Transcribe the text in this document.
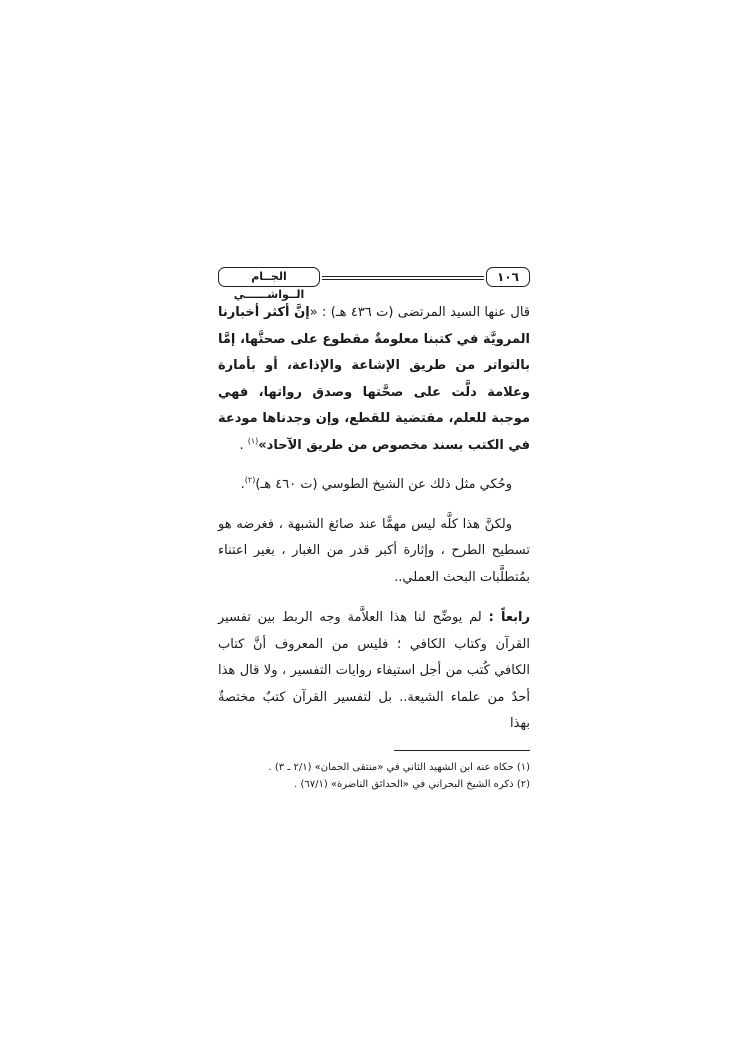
الجــام الــواشــــــي
١٠٦

قال عنها السيد المرتضى (ت ٤٣٦ هـ) : «إنَّ أكثر أخبارنا المرويَّة في كتبنا معلومةٌ مقطوع على صحتَّها، إمَّا بالتواتر من طريق الإشاعة والإذاعة، أو بأمارة وعلامة دلَّت على صحَّتها وصدق رواتها، فهي موجبة للعلم، مقتضية للقطع، وإن وجدناها مودعة في الكتب بسند مخصوص من طريق الآحاد»$^{(١)}$ .

وحُكي مثل ذلك عن الشيخ الطوسي (ت ٤٦٠ هـ)$^{(٢)}$.

ولكنَّ هذا كلَّه ليس مهمًّا عند صائغ الشبهة ، فغرضه هو تسطيح الطرح ، وإثارة أكبر قدر من الغبار ، بغير اعتناء بمُتطلَّبات البحث العملي..

رابعاً : لم يوضِّح لنا هذا العلاَّمة وجه الربط بين تفسير القرآن وكتاب الكافي ؛ فليس من المعروف أنَّ كتاب الكافي كُتب من أجل استيفاء روايات التفسير ، ولا قال هذا أحدٌ من علماء الشيعة.. بل لتفسير القرآن كتبٌ مختصةٌ بهذا

(١) حكاه عنه ابن الشهيد الثاني في «منتقى الجمان» (٢/١ ـ ٣) .
(٢) ذكره الشيخ البحراني في «الحدائق الناضرة» (٦٧/١) .
